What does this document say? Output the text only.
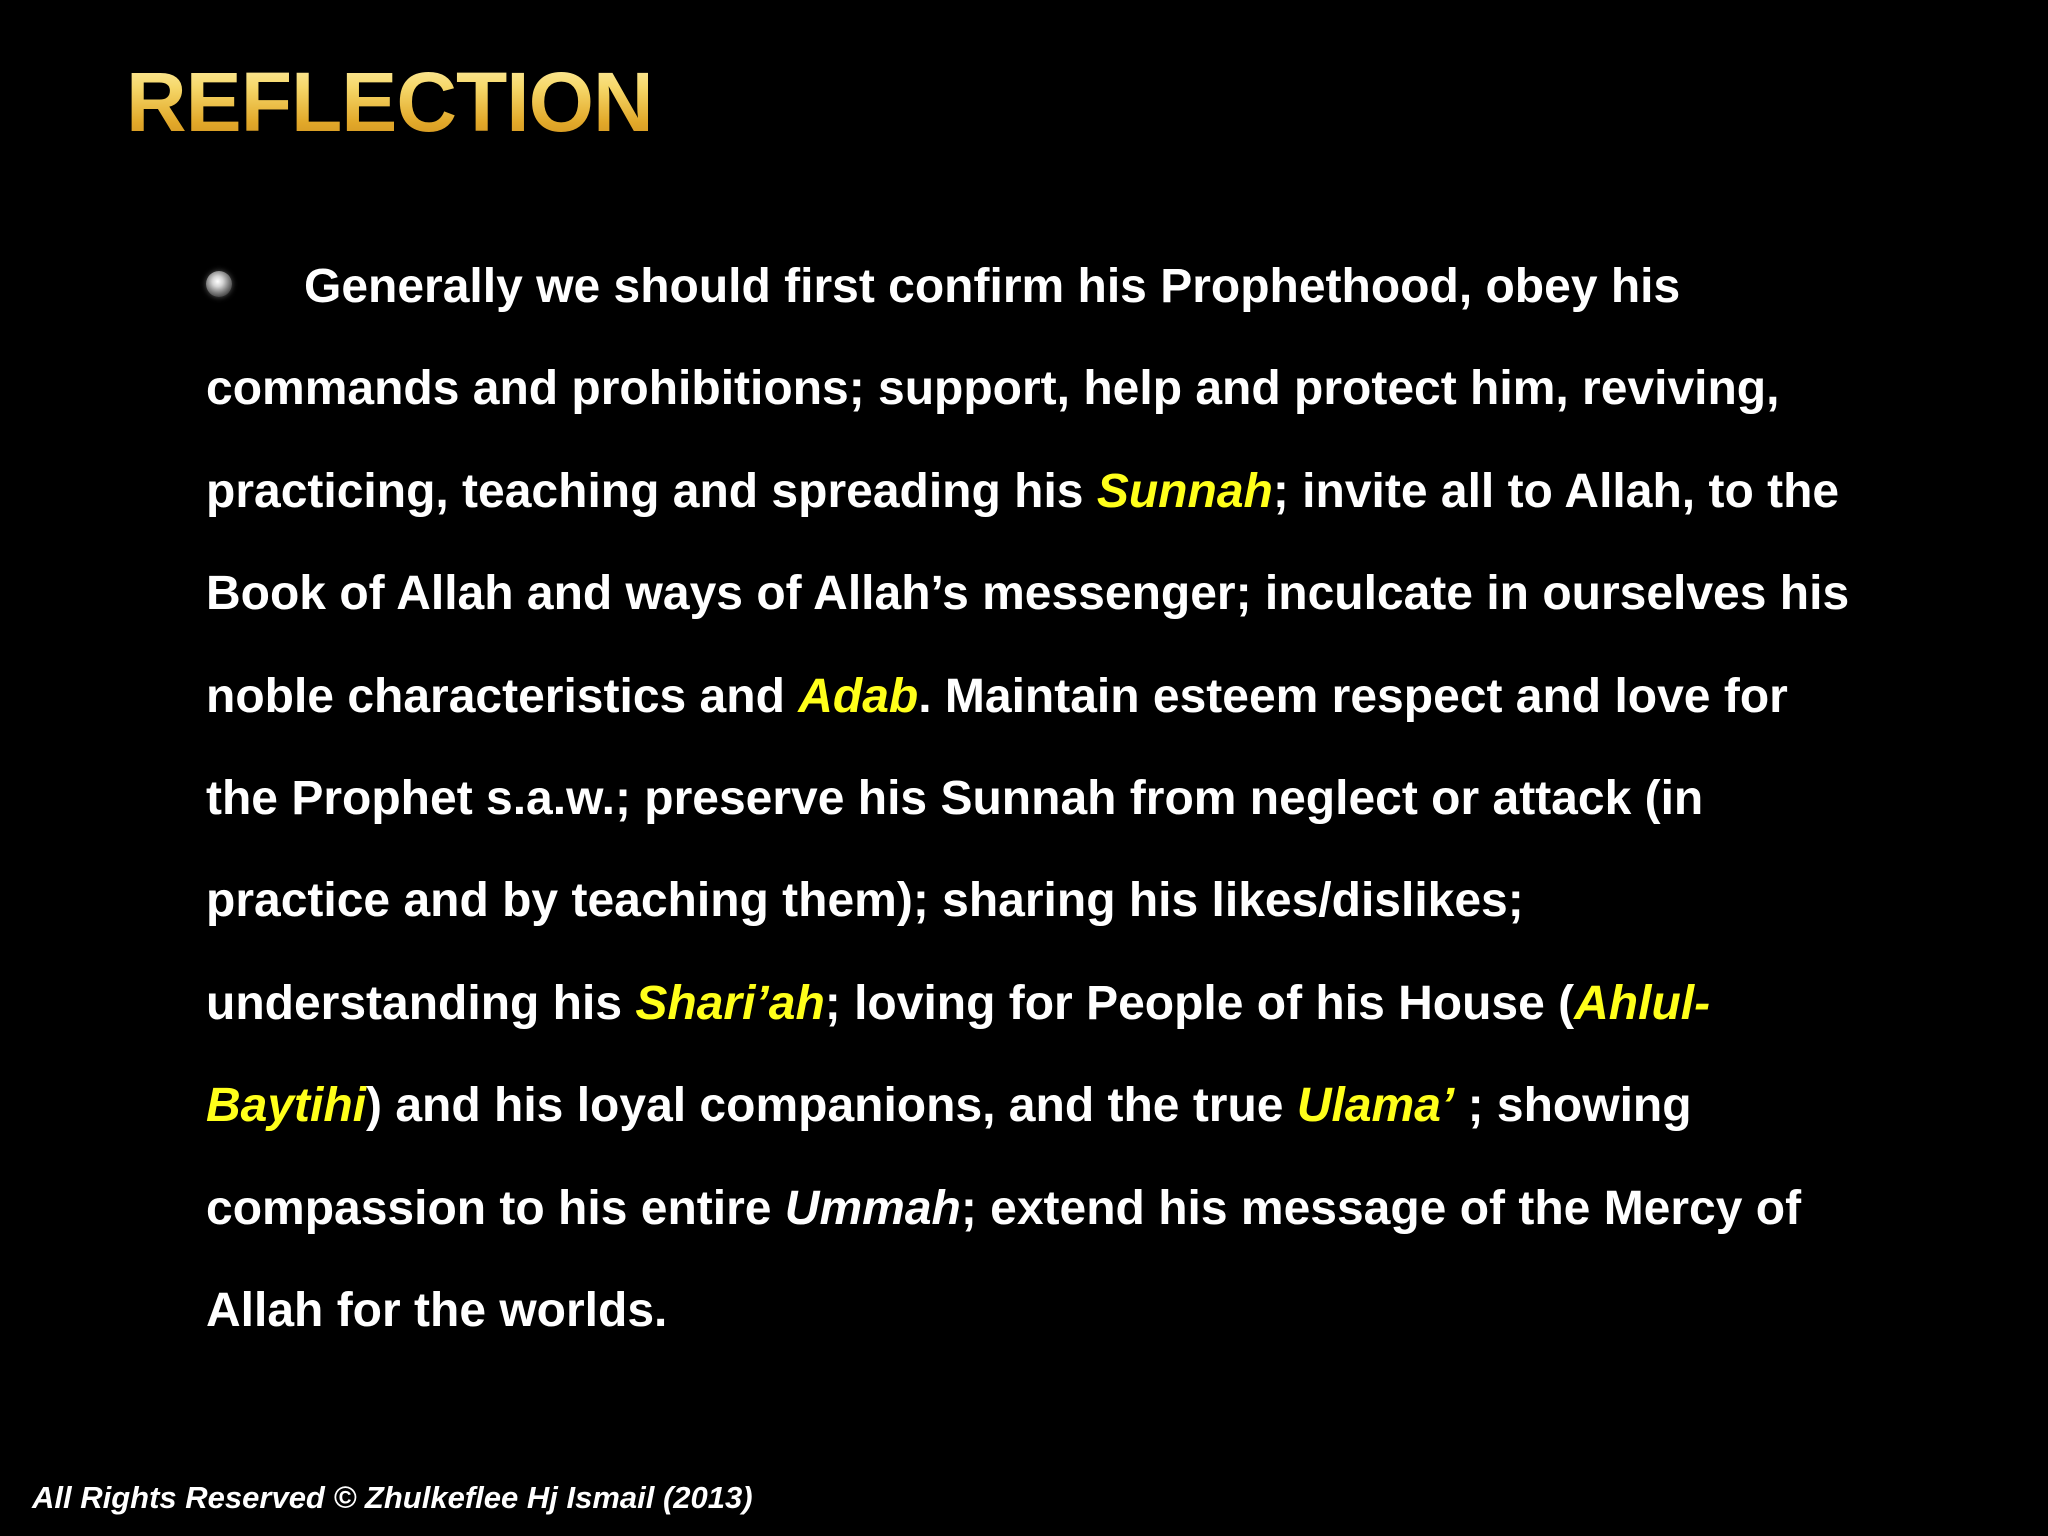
REFLECTION

Generally we should first confirm his Prophethood, obey his commands and prohibitions; support, help and protect him, reviving, practicing, teaching and spreading his Sunnah; invite all to Allah, to the Book of Allah and ways of Allah’s messenger; inculcate in ourselves his noble characteristics and Adab. Maintain esteem respect and love for the Prophet s.a.w.; preserve his Sunnah from neglect or attack (in practice and by teaching them); sharing his likes/dislikes; understanding his Shari’ah; loving for People of his House (Ahlul-Baytihi) and his loyal companions, and the true Ulama’ ; showing compassion to his entire Ummah; extend his message of the Mercy of Allah for the worlds.

All Rights Reserved © Zhulkeflee Hj Ismail (2013)
